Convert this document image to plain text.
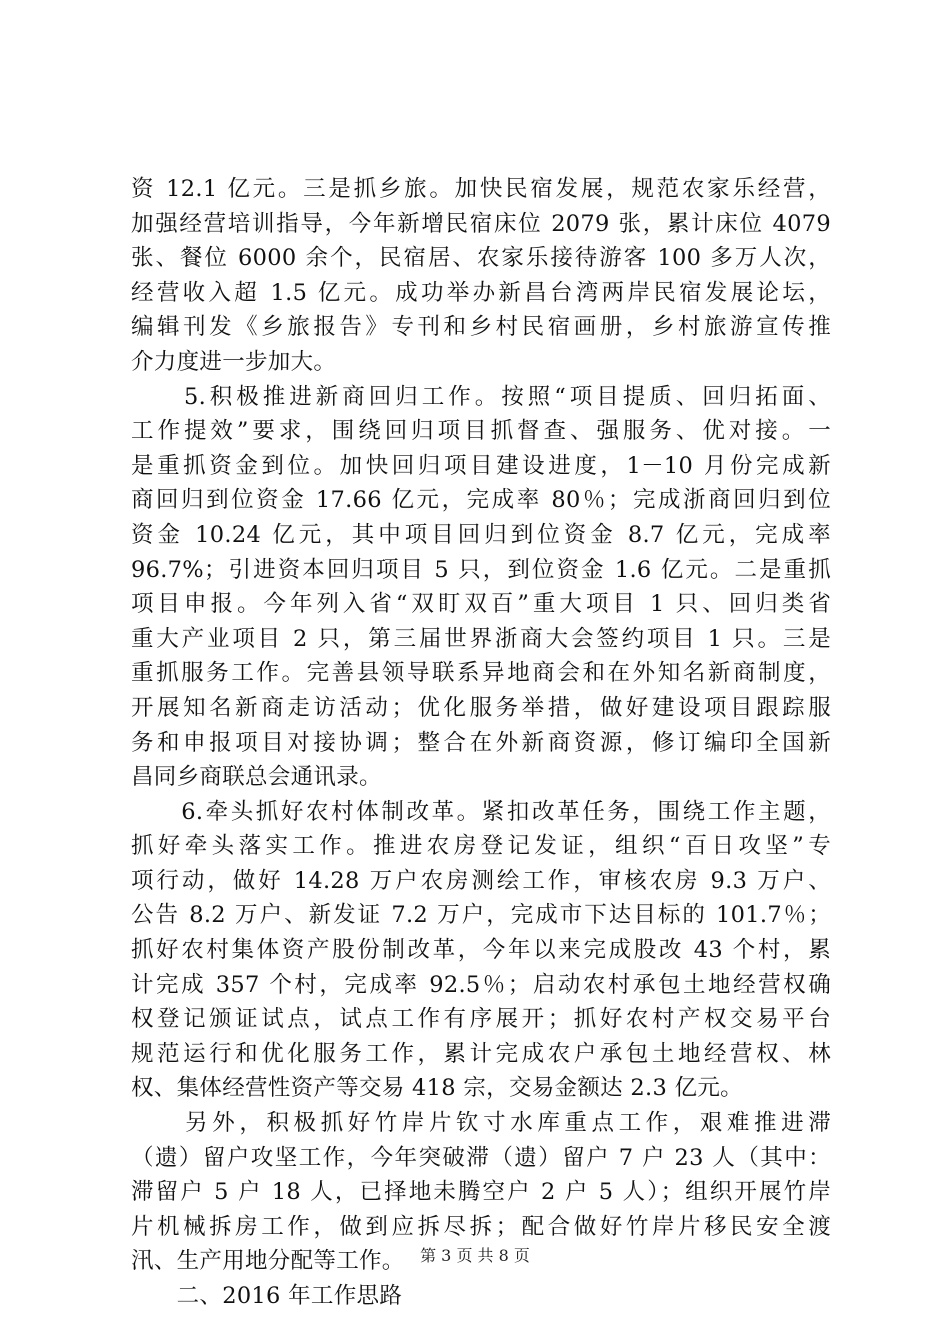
资 12.1 亿元。三是抓乡旅。加快民宿发展，规范农家乐经营，
加强经营培训指导，今年新增民宿床位 2079 张，累计床位 4079
张、餐位 6000 余个，民宿居、农家乐接待游客 100 多万人次，
经营收入超 1.5 亿元。成功举办新昌台湾两岸民宿发展论坛，
编辑刊发《乡旅报告》专刊和乡村民宿画册，乡村旅游宣传推
介力度进一步加大。
　　5.积极推进新商回归工作。按照“项目提质、回归拓面、
工作提效”要求，围绕回归项目抓督查、强服务、优对接。一
是重抓资金到位。加快回归项目建设进度，1－10 月份完成新
商回归到位资金 17.66 亿元，完成率 80％；完成浙商回归到位
资金 10.24 亿元，其中项目回归到位资金 8.7 亿元，完成率
96.7%；引进资本回归项目 5 只，到位资金 1.6 亿元。二是重抓
项目申报。今年列入省“双盯双百”重大项目 1 只、回归类省
重大产业项目 2 只，第三届世界浙商大会签约项目 1 只。三是
重抓服务工作。完善县领导联系异地商会和在外知名新商制度，
开展知名新商走访活动；优化服务举措，做好建设项目跟踪服
务和申报项目对接协调；整合在外新商资源，修订编印全国新
昌同乡商联总会通讯录。
　　6.牵头抓好农村体制改革。紧扣改革任务，围绕工作主题，
抓好牵头落实工作。推进农房登记发证，组织“百日攻坚”专
项行动，做好 14.28 万户农房测绘工作，审核农房 9.3 万户、
公告 8.2 万户、新发证 7.2 万户，完成市下达目标的 101.7％；
抓好农村集体资产股份制改革，今年以来完成股改 43 个村，累
计完成 357 个村，完成率 92.5％；启动农村承包土地经营权确
权登记颁证试点，试点工作有序展开；抓好农村产权交易平台
规范运行和优化服务工作，累计完成农户承包土地经营权、林
权、集体经营性资产等交易 418 宗，交易金额达 2.3 亿元。
　　另外，积极抓好竹岸片钦寸水库重点工作，艰难推进滞
（遗）留户攻坚工作，今年突破滞（遗）留户 7 户 23 人（其中：
滞留户 5 户 18 人，已择地未腾空户 2 户 5 人）；组织开展竹岸
片机械拆房工作，做到应拆尽拆；配合做好竹岸片移民安全渡
汛、生产用地分配等工作。
　　二、2016 年工作思路
第 3 页 共 8 页
